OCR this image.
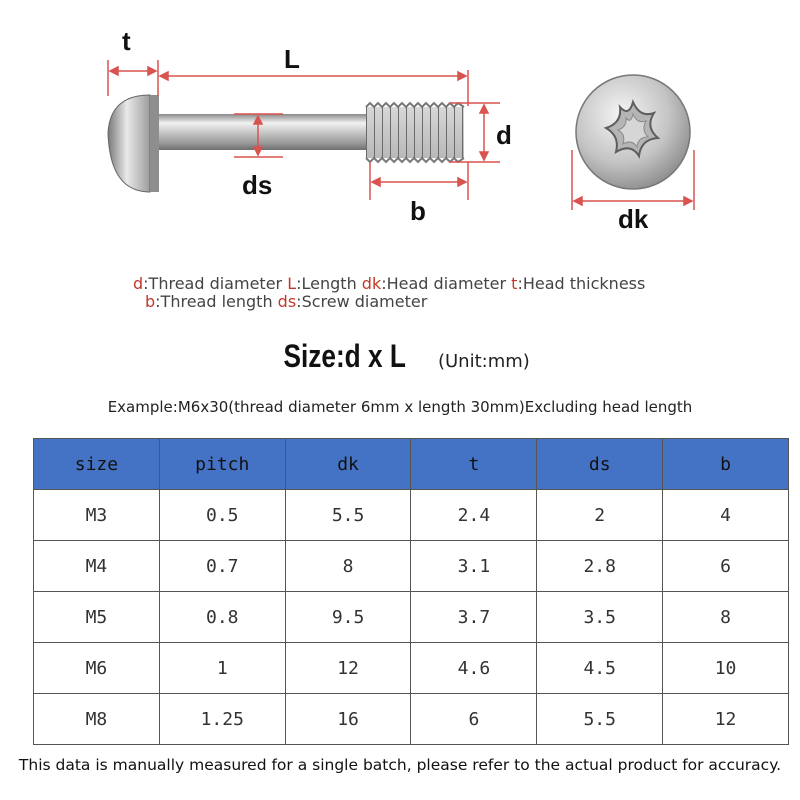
t
L
d
ds
b	dk
d:Thread diameter L:Length dk:Head diameter t:Head thickness
b:Thread length ds:Screw diameter
Size:d x L (Unit:mm)
Example:M6x30(thread diameter 6mm x length 30mm)Excluding head length
size	pitch	dk	t	ds	b
M3	0.5	5.5	2.4	2	4
M4	0.7	8	3.1	2.8	6
M5	0.8	9.5	3.7	3.5	8
M6	1	12	4.6	4.5	10
M8	1.25	16	6	5.5	12
This data is manually measured for a single batch, please refer to the actual product for accuracy.
